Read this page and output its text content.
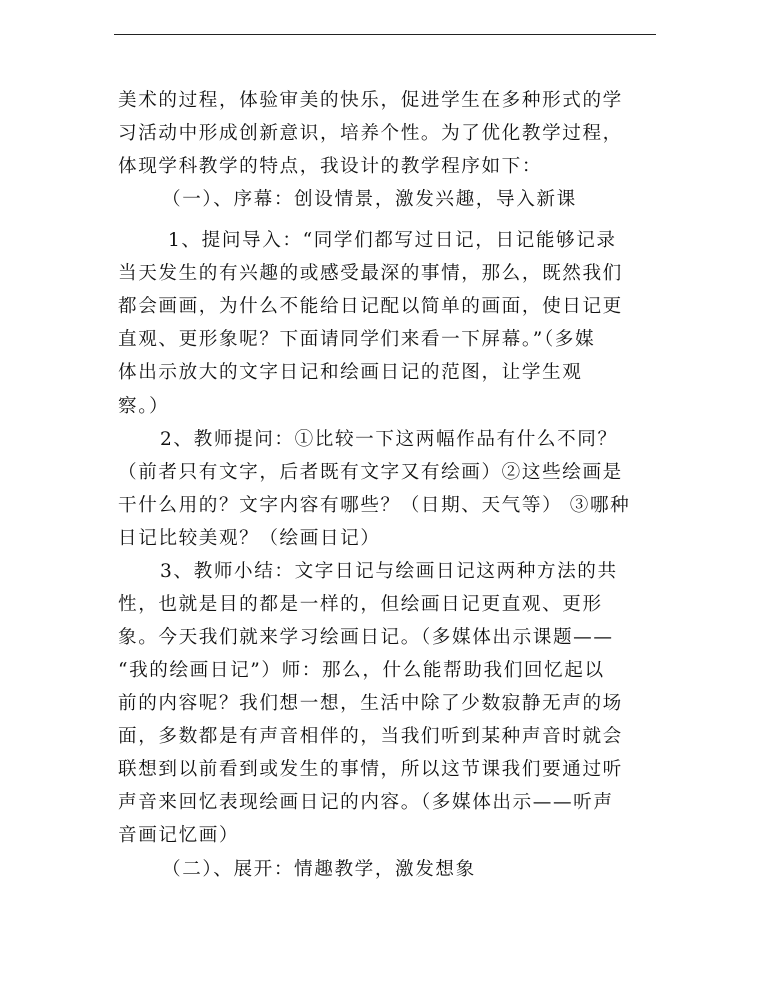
美术的过程，体验审美的快乐，促进学生在多种形式的学
习活动中形成创新意识，培养个性。为了优化教学过程，
体现学科教学的特点，我设计的教学程序如下：
（一）、序幕：创设情景，激发兴趣，导入新课
1、提问导入：“同学们都写过日记，日记能够记录
当天发生的有兴趣的或感受最深的事情，那么，既然我们
都会画画，为什么不能给日记配以简单的画面，使日记更
直观、更形象呢？下面请同学们来看一下屏幕。”（多媒
体出示放大的文字日记和绘画日记的范图，让学生观
察。）
2、教师提问：①比较一下这两幅作品有什么不同？
（前者只有文字，后者既有文字又有绘画）②这些绘画是
干什么用的？文字内容有哪些？（日期、天气等） ③哪种
日记比较美观？（绘画日记）
3、教师小结：文字日记与绘画日记这两种方法的共
性，也就是目的都是一样的，但绘画日记更直观、更形
象。今天我们就来学习绘画日记。（多媒体出示课题——
“我的绘画日记”）师：那么，什么能帮助我们回忆起以
前的内容呢？我们想一想，生活中除了少数寂静无声的场
面，多数都是有声音相伴的，当我们听到某种声音时就会
联想到以前看到或发生的事情，所以这节课我们要通过听
声音来回忆表现绘画日记的内容。（多媒体出示——听声
音画记忆画）
（二）、展开：情趣教学，激发想象
